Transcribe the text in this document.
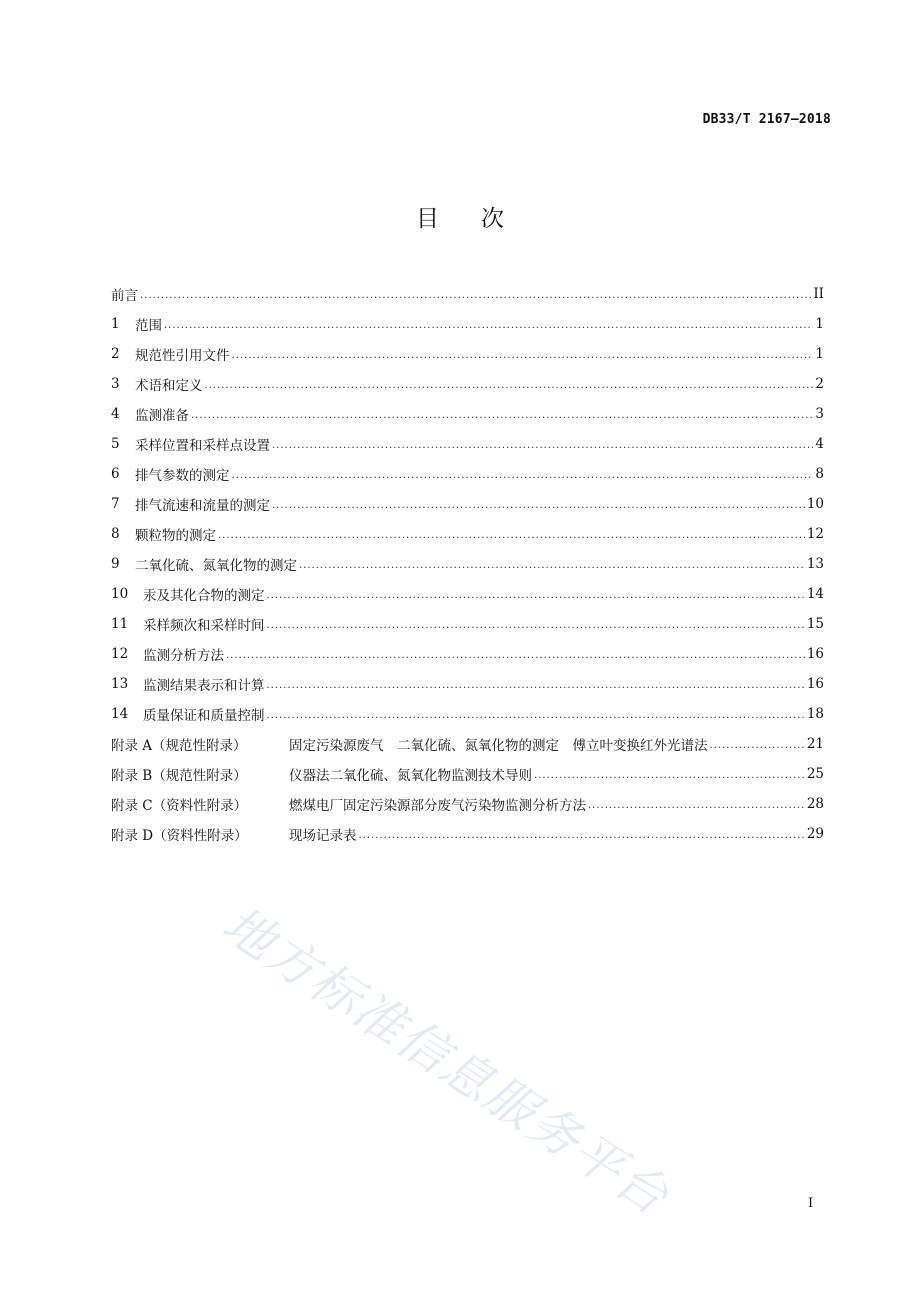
DB33/T 2167—2018
目次
前言 .....	II
1	范围 .....	1
2	规范性引用文件 .....	1
3	术语和定义 .....	2
4	监测准备 .....	3
5	采样位置和采样点设置 .....	4
6	排气参数的测定 .....	8
7	排气流速和流量的测定 .....	10
8	颗粒物的测定 .....	12
9	二氧化硫、氮氧化物的测定 .....	13
10	汞及其化合物的测定 .....	14
11	采样频次和采样时间 .....	15
12	监测分析方法 .....	16
13	监测结果表示和计算 .....	16
14	质量保证和质量控制 .....	18
附录 A（规范性附录）	固定污染源废气　二氧化硫、氮氧化物的测定　傅立叶变换红外光谱法 .....	21
附录 B（规范性附录）	仪器法二氧化硫、氮氧化物监测技术导则 .....	25
附录 C（资料性附录）	燃煤电厂固定污染源部分废气污染物监测分析方法 .....	28
附录 D（资料性附录）	现场记录表 .....	29
地方标准信息服务平台	I
